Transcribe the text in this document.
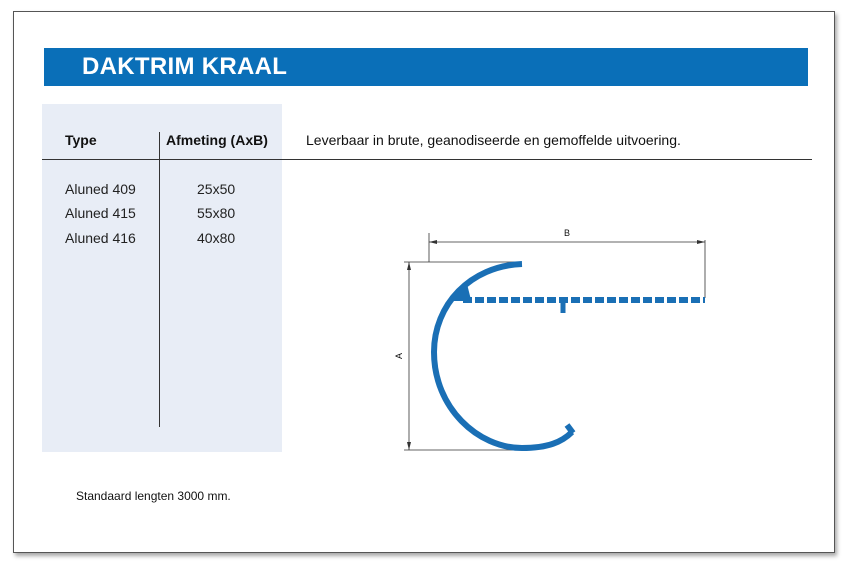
DAKTRIM KRAAL
Type	Afmeting (AxB)	Leverbaar in brute, geanodiseerde en gemoffelde uitvoering.
Aluned 409	25x50
Aluned 415	55x80
Aluned 416	40x80
Standaard lengten 3000 mm.
B
A
